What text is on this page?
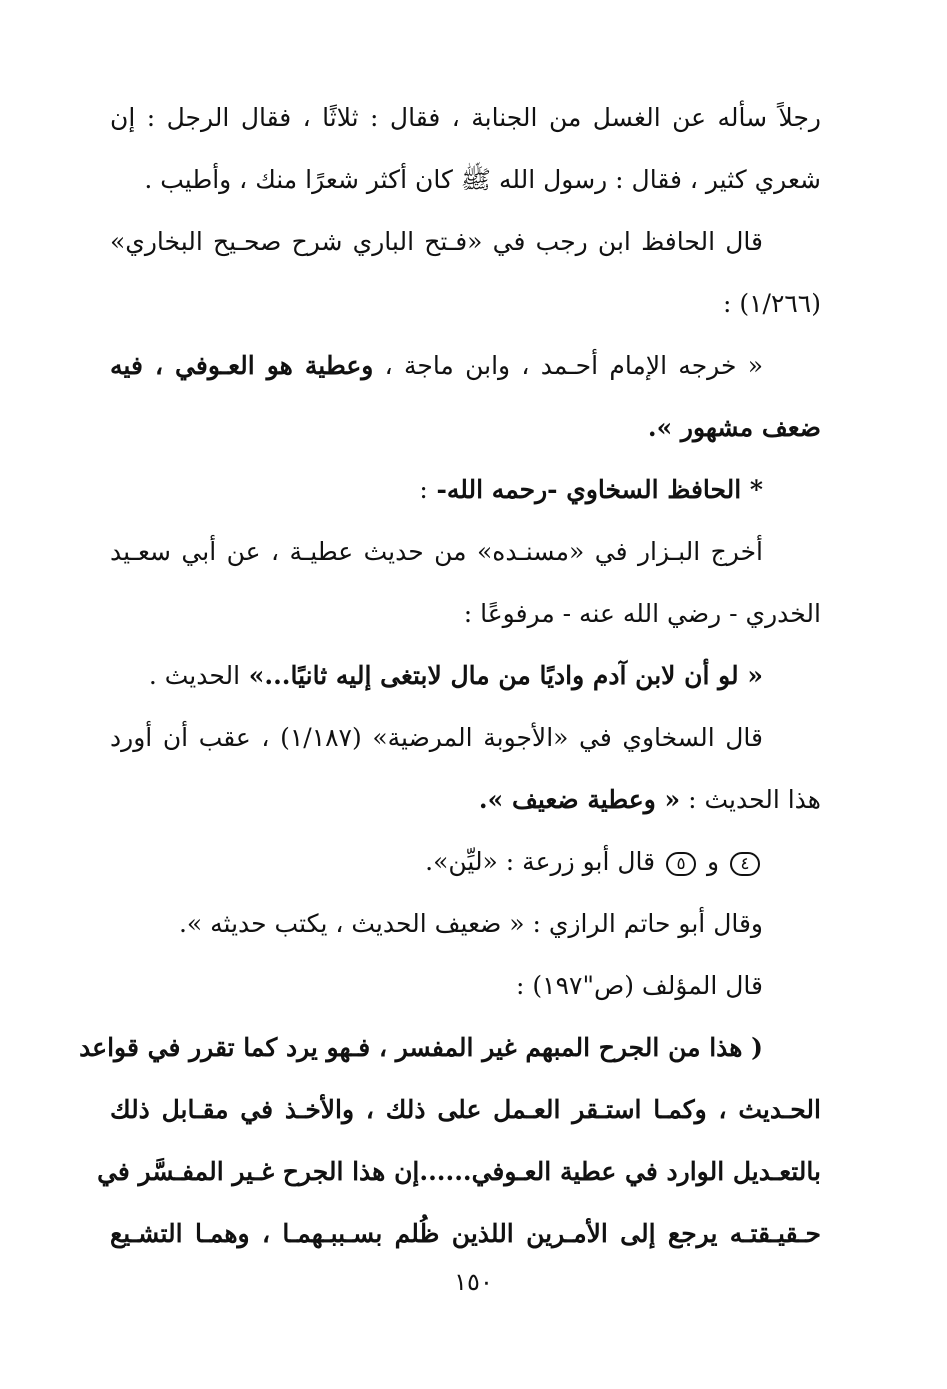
رجلاً سأله عن الغسل من الجنابة ، فقال : ثلاثًا ، فقال الرجل : إن
شعري كثير ، فقال : رسول الله ﷺ كان أكثر شعرًا منك ، وأطيب .
قال الحافظ ابن رجب في «فـتح الباري شرح صحـيح البخاري»
(١/٢٦٦) :
« خرجه الإمام أحـمد ، وابن ماجة ، وعطية هو العـوفي ، فيه
ضعف مشهور ».
* الحافظ السخاوي -رحمه الله- :
أخرج البـزار في «مسنـده» من حديث عطيـة ، عن أبي سعـيد
الخدري - رضي الله عنه - مرفوعًا :
« لو أن لابن آدم واديًا من مال لابتغى إليه ثانيًا...» الحديث .
قال السخاوي في «الأجوبة المرضية» (١/١٨٧) ، عقب أن أورد
هذا الحديث : « وعطية ضعيف ».
٤ و ٥ قال أبو زرعة : «ليِّن».
وقال أبو حاتم الرازي : « ضعيف الحديث ، يكتب حديثه ».
قال المؤلف (ص"١٩٧) :
( هذا من الجرح المبهم غير المفسر ، فـهو يرد كما تقرر في قواعد
الحـديث ، وكمـا استـقر العـمل على ذلك ، والأخـذ في مقـابل ذلك
بالتعـديل الوارد في عطية العـوفي......إن هذا الجرح غـير المفـسَّر في
حـقيـقتـه يرجع إلى الأمـرين اللذين ظُلم بسـببـهمـا ، وهمـا التشـيع
١٥٠
